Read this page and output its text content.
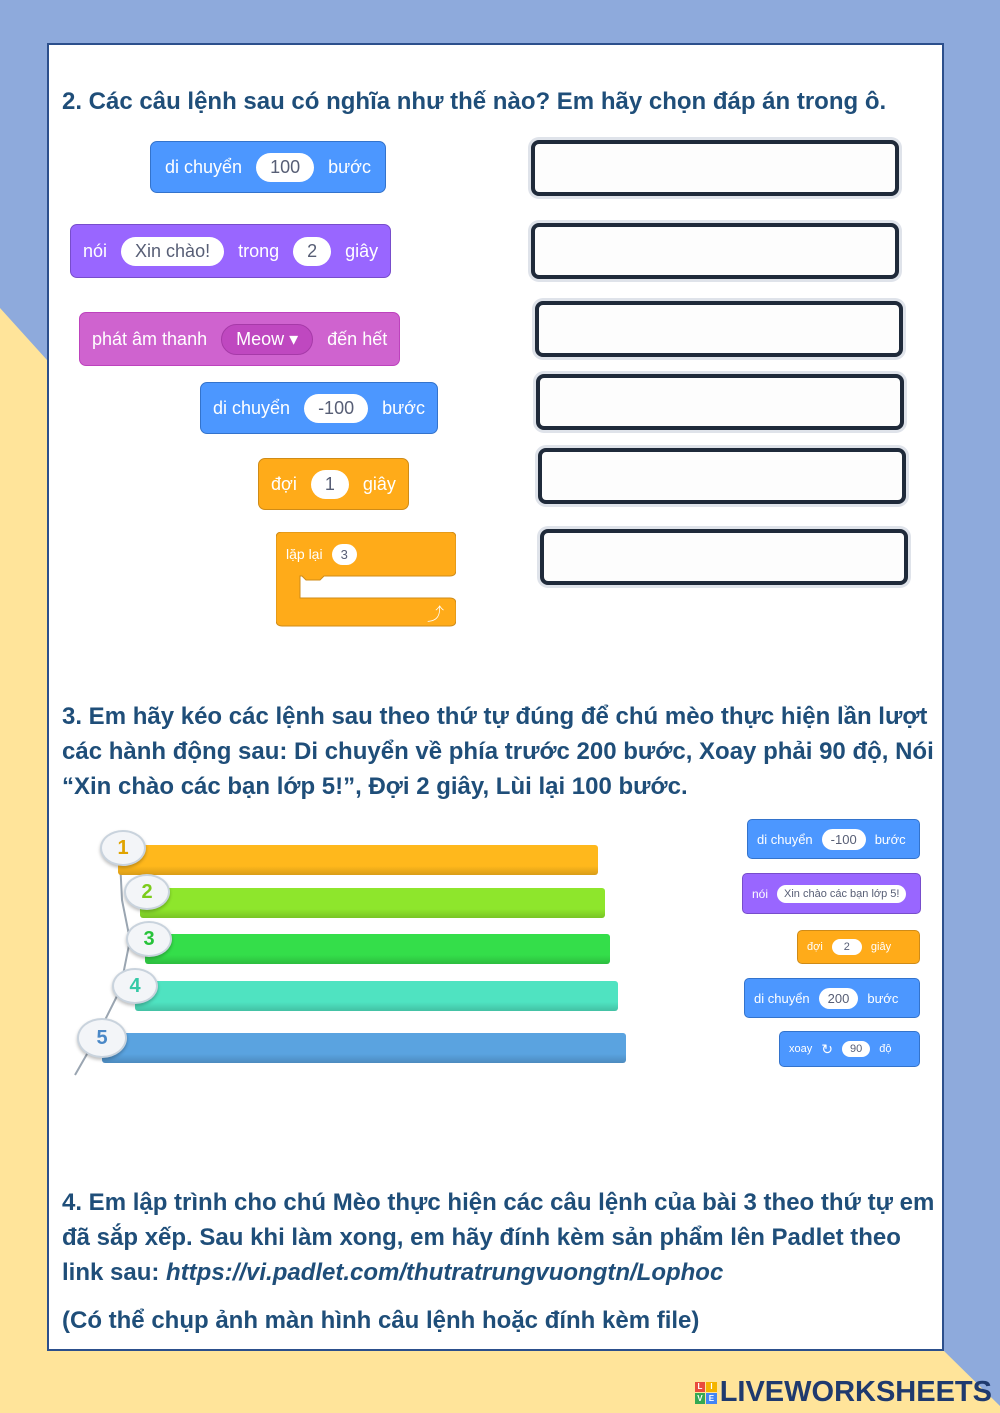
2. Các câu lệnh sau có nghĩa như thế nào? Em hãy chọn đáp án trong ô.
di chuyển	100	bước
nói	Xin chào!	trong	2	giây
phát âm thanh	Meow ▾	đến hết
di chuyển	-100	bước
đợi	1	giây
lặp lại	3
⤴
3. Em hãy kéo các lệnh sau theo thứ tự đúng để chú mèo thực hiện lần lượt các hành động sau: Di chuyển về phía trước 200 bước, Xoay phải 90 độ, Nói “Xin chào các bạn lớp 5!”, Đợi 2 giây, Lùi lại 100 bước.
1
2
3
4
5
di chuyển	-100	bước
nói	Xin chào các bạn lớp 5!
đợi	2	giây
di chuyển	200	bước
xoay ↻	90	độ
4. Em lập trình cho chú Mèo thực hiện các câu lệnh của bài 3 theo thứ tự em đã sắp xếp. Sau khi làm xong, em hãy đính kèm sản phẩm lên Padlet theo link sau: https://vi.padlet.com/thutratrungvuongtn/Lophoc
(Có thể chụp ảnh màn hình câu lệnh hoặc đính kèm file)
L I
V E LIVEWORKSHEETS
